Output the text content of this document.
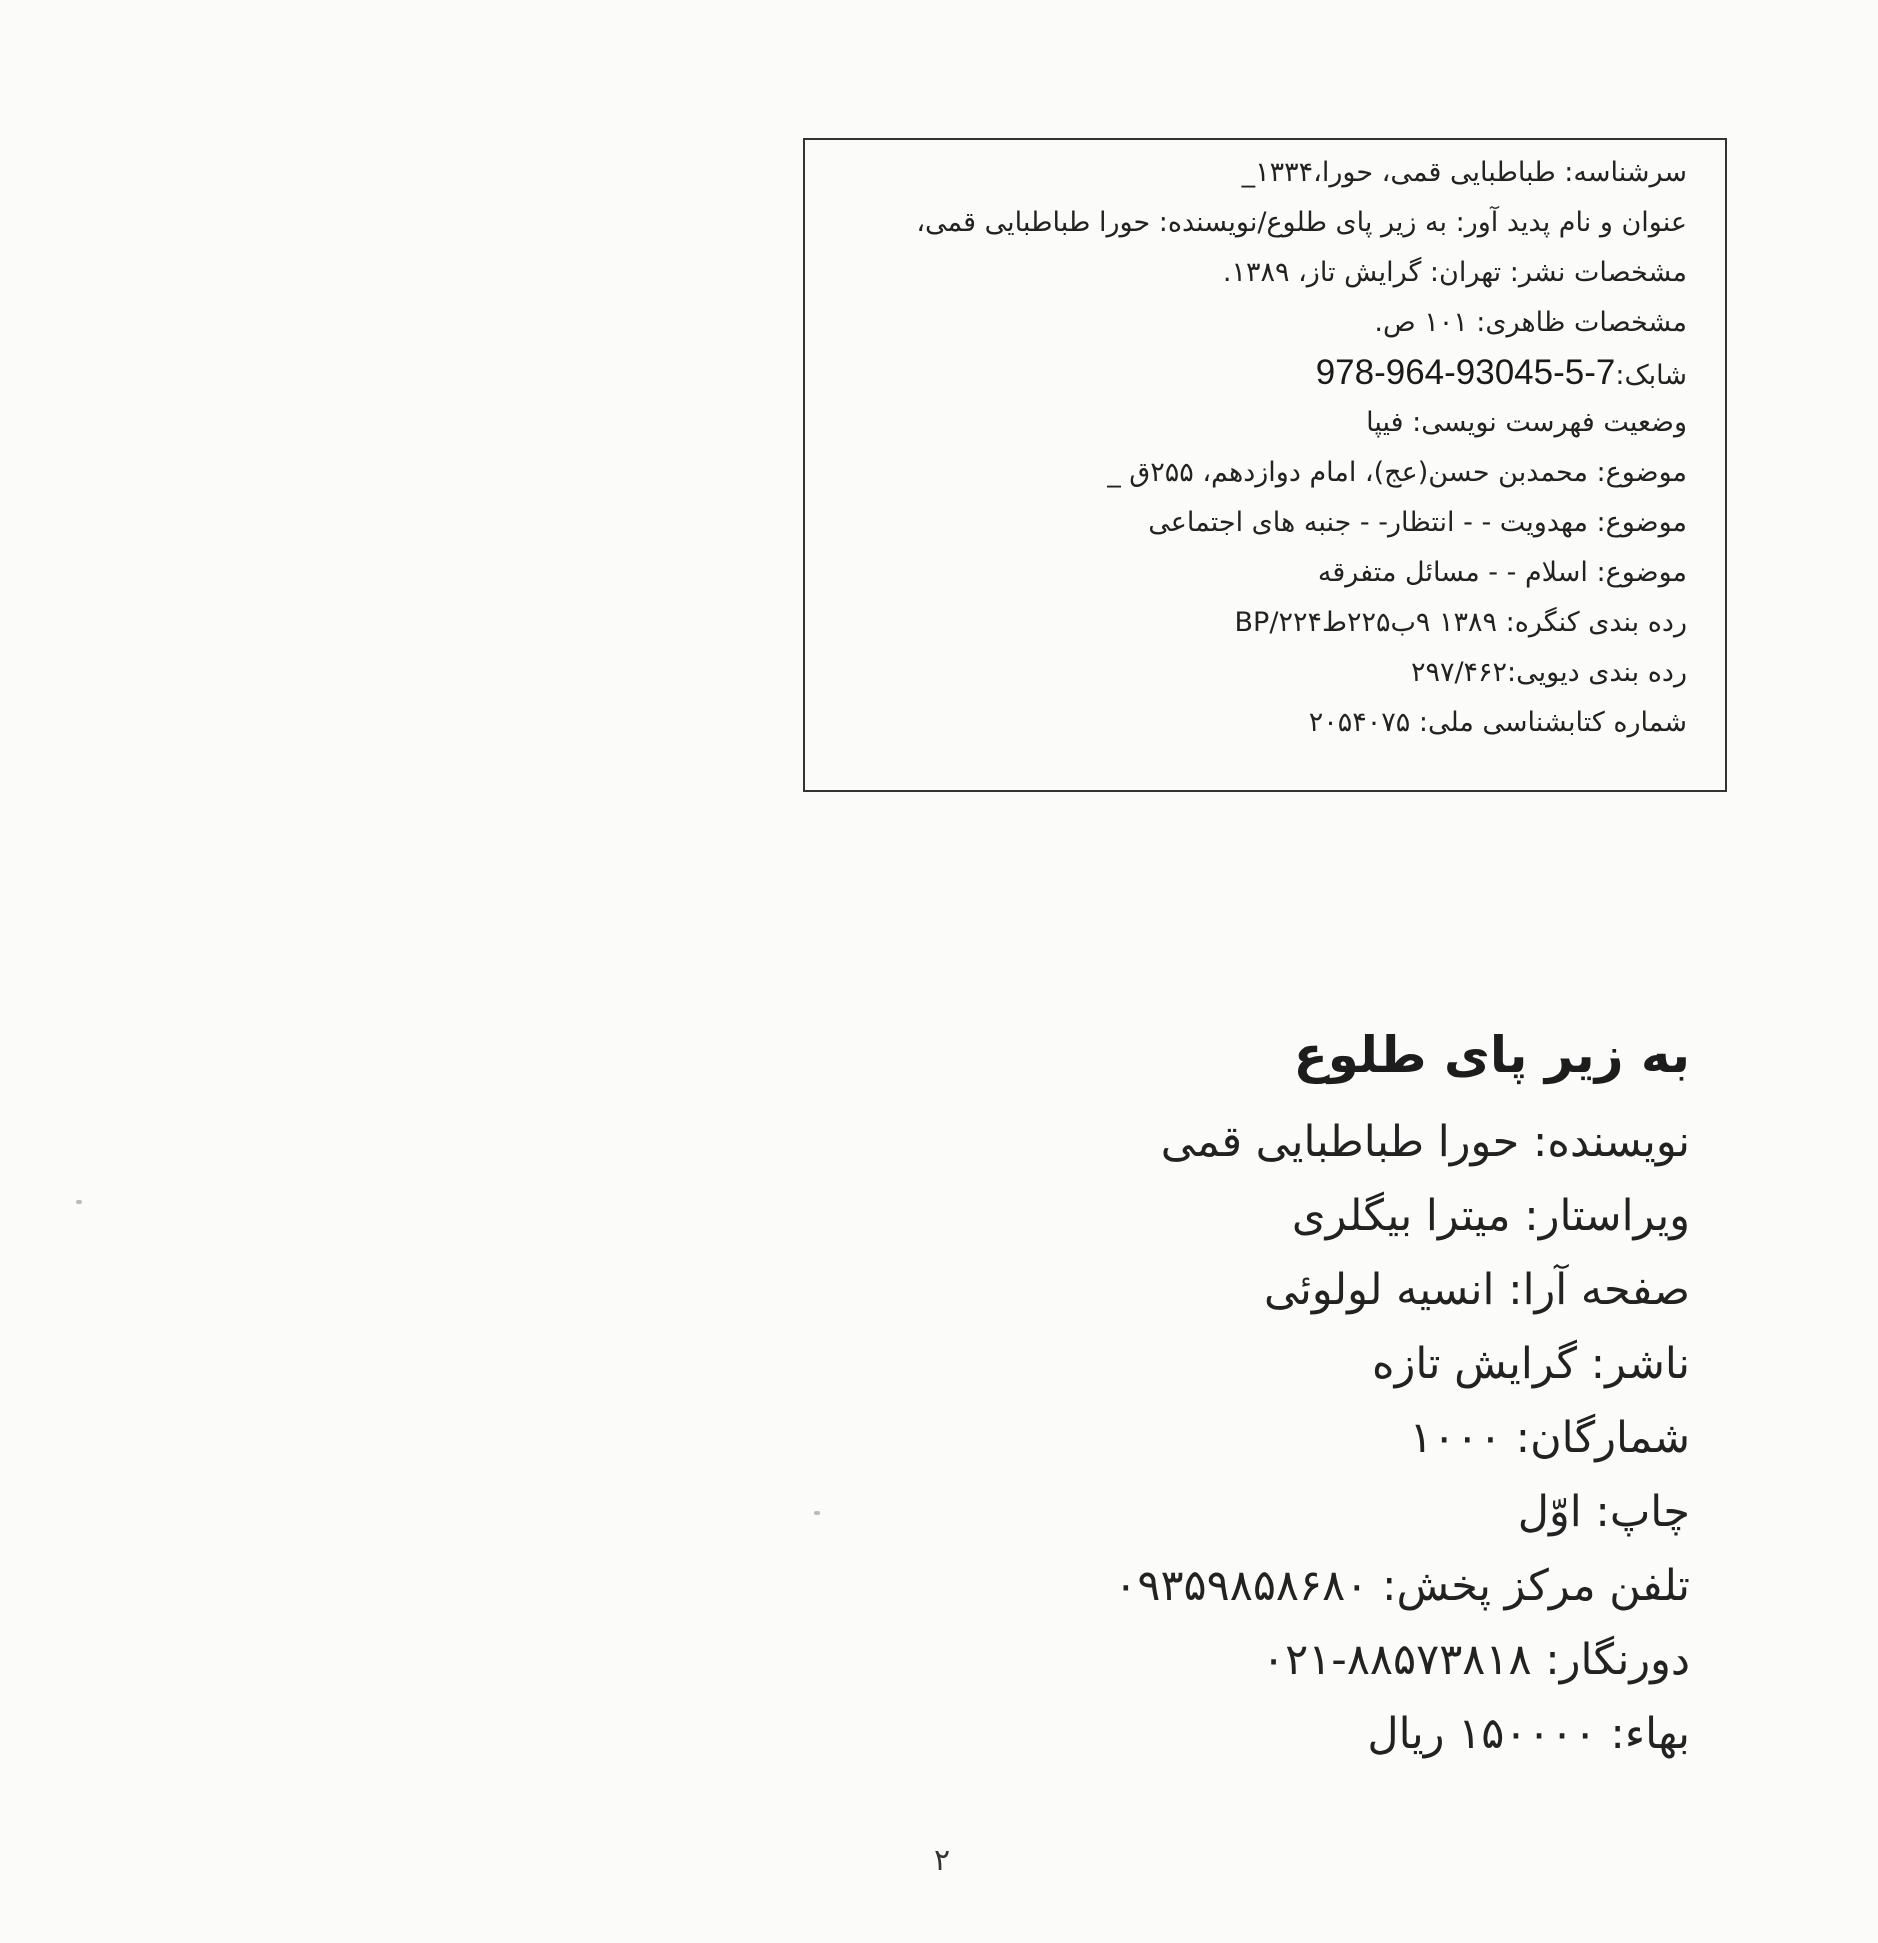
سرشناسه: طباطبایی قمی، حورا،۱۳۳۴_
عنوان و نام پدید آور: به زیر پای طلوع/نویسنده: حورا طباطبایی قمی،
مشخصات نشر: تهران: گرایش تاز، ۱۳۸۹.
مشخصات ظاهری: ۱۰۱ ص.
شابک:978-964-93045-5-7
وضعیت فهرست نویسی: فیپا
موضوع: محمدبن حسن(عج)، امام دوازدهم، ۲۵۵ق _
موضوع: مهدویت - - انتظار- - جنبه های اجتماعی
موضوع: اسلام - - مسائل متفرقه
رده بندی کنگره: ۱۳۸۹ ۹ب۲۲۵ط۲۲۴/BP
رده بندی دیویی:۲۹۷/۴۶۲
شماره کتابشناسی ملی: ۲۰۵۴۰۷۵
به زیر پای طلوع
نویسنده: حورا طباطبایی قمی
ویراستار: میترا بیگلری
صفحه آرا: انسیه لولوئی
ناشر: گرایش تازه
شمارگان: ۱۰۰۰
چاپ: اوّل
تلفن مرکز پخش: ۰۹۳۵۹۸۵۸۶۸۰
دورنگار: ۸۸۵۷۳۸۱۸-۰۲۱
بهاء: ۱۵۰۰۰۰ ریال
۲
